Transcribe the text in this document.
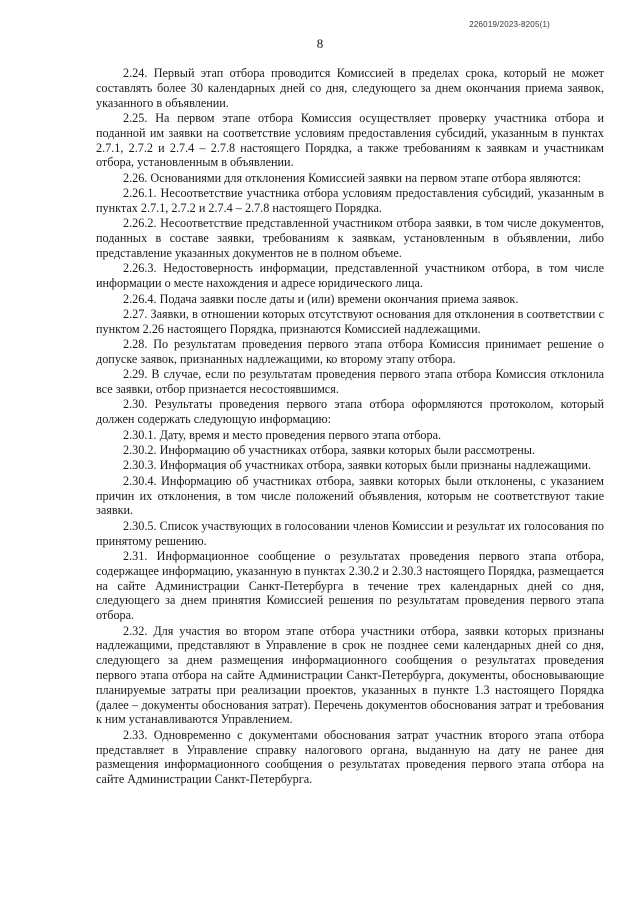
226019/2023-8205(1)
8

2.24. Первый этап отбора проводится Комиссией в пределах срока, который не может составлять более 30 календарных дней со дня, следующего за днем окончания приема заявок, указанного в объявлении.

2.25. На первом этапе отбора Комиссия осуществляет проверку участника отбора и поданной им заявки на соответствие условиям предоставления субсидий, указанным в пунктах 2.7.1, 2.7.2 и 2.7.4 – 2.7.8 настоящего Порядка, а также требованиям к заявкам и участникам отбора, установленным в объявлении.

2.26. Основаниями для отклонения Комиссией заявки на первом этапе отбора являются:

2.26.1. Несоответствие участника отбора условиям предоставления субсидий, указанным в пунктах 2.7.1, 2.7.2 и 2.7.4 – 2.7.8 настоящего Порядка.

2.26.2. Несоответствие представленной участником отбора заявки, в том числе документов, поданных в составе заявки, требованиям к заявкам, установленным в объявлении, либо представление указанных документов не в полном объеме.

2.26.3. Недостоверность информации, представленной участником отбора, в том числе информации о месте нахождения и адресе юридического лица.

2.26.4. Подача заявки после даты и (или) времени окончания приема заявок.

2.27. Заявки, в отношении которых отсутствуют основания для отклонения в соответствии с пунктом 2.26 настоящего Порядка, признаются Комиссией надлежащими.

2.28. По результатам проведения первого этапа отбора Комиссия принимает решение о допуске заявок, признанных надлежащими, ко второму этапу отбора.

2.29. В случае, если по результатам проведения первого этапа отбора Комиссия отклонила все заявки, отбор признается несостоявшимся.

2.30. Результаты проведения первого этапа отбора оформляются протоколом, который должен содержать следующую информацию:

2.30.1. Дату, время и место проведения первого этапа отбора.

2.30.2. Информацию об участниках отбора, заявки которых были рассмотрены.

2.30.3. Информация об участниках отбора, заявки которых были признаны надлежащими.

2.30.4. Информацию об участниках отбора, заявки которых были отклонены, с указанием причин их отклонения, в том числе положений объявления, которым не соответствуют такие заявки.

2.30.5. Список участвующих в голосовании членов Комиссии и результат их голосования по принятому решению.

2.31. Информационное сообщение о результатах проведения первого этапа отбора, содержащее информацию, указанную в пунктах 2.30.2 и 2.30.3 настоящего Порядка, размещается на сайте Администрации Санкт-Петербурга в течение трех календарных дней со дня, следующего за днем принятия Комиссией решения по результатам проведения первого этапа отбора.

2.32. Для участия во втором этапе отбора участники отбора, заявки которых признаны надлежащими, представляют в Управление в срок не позднее семи календарных дней со дня, следующего за днем размещения информационного сообщения о результатах проведения первого этапа отбора на сайте Администрации Санкт-Петербурга, документы, обосновывающие планируемые затраты при реализации проектов, указанных в пункте 1.3 настоящего Порядка (далее – документы обоснования затрат). Перечень документов обоснования затрат и требования к ним устанавливаются Управлением.

2.33. Одновременно с документами обоснования затрат участник второго этапа отбора представляет в Управление справку налогового органа, выданную на дату не ранее дня размещения информационного сообщения о результатах проведения первого этапа отбора на сайте Администрации Санкт-Петербурга.
